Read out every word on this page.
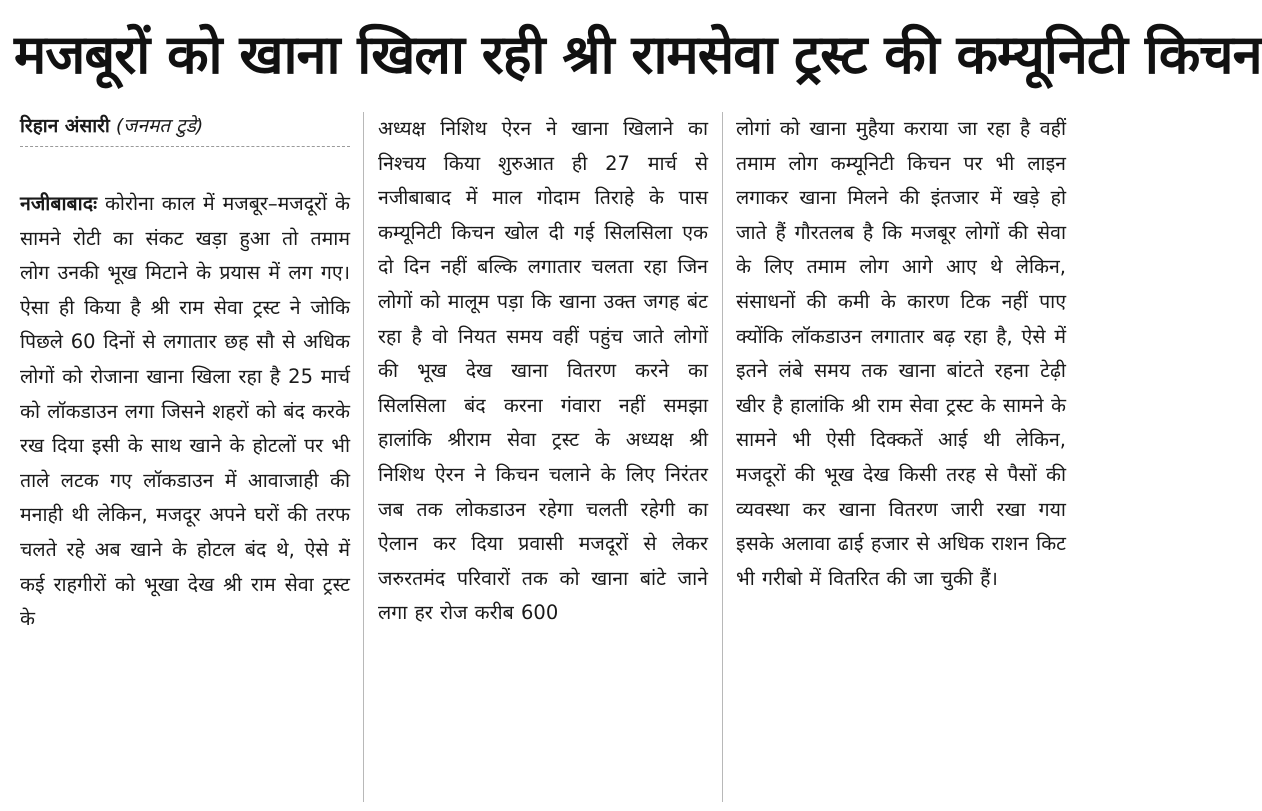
मजबूरों को खाना खिला रही श्री रामसेवा ट्रस्ट की कम्यूनिटी किचन
रिहान अंसारी (जनमत टुडे)
नजीबाबादः कोरोना काल में मजबूर–मजदूरों के सामने रोटी का संकट खड़ा हुआ तो तमाम लोग उनकी भूख मिटाने के प्रयास में लग गए। ऐसा ही किया है श्री राम सेवा ट्रस्ट ने जोकि पिछले 60 दिनों से लगातार छह सौ से अधिक लोगों को रोजाना खाना खिला रहा है 25 मार्च को लॉकडाउन लगा जिसने शहरों को बंद करके रख दिया इसी के साथ खाने के होटलों पर भी ताले लटक गए लॉकडाउन में आवाजाही की मनाही थी लेकिन, मजदूर अपने घरों की तरफ चलते रहे अब खाने के होटल बंद थे, ऐसे में कई राहगीरों को भूखा देख श्री राम सेवा ट्रस्ट के
अध्यक्ष निशिथ ऐरन ने खाना खिलाने का निश्चय किया शुरुआत ही 27 मार्च से नजीबाबाद में माल गोदाम तिराहे के पास कम्यूनिटी किचन खोल दी गई सिलसिला एक दो दिन नहीं बल्कि लगातार चलता रहा जिन लोगों को मालूम पड़ा कि खाना उक्त जगह बंट रहा है वो नियत समय वहीं पहुंच जाते लोगों की भूख देख खाना वितरण करने का सिलसिला बंद करना गंवारा नहीं समझा हालांकि श्रीराम सेवा ट्रस्ट के अध्यक्ष श्री निशिथ ऐरन ने किचन चलाने के लिए निरंतर जब तक लोकडाउन रहेगा चलती रहेगी का ऐलान कर दिया प्रवासी मजदूरों से लेकर जरुरतमंद परिवारों तक को खाना बांटे जाने लगा हर रोज करीब 600
लोगां को खाना मुहैया कराया जा रहा है वहीं तमाम लोग कम्यूनिटी किचन पर भी लाइन लगाकर खाना मिलने की इंतजार में खड़े हो जाते हैं गौरतलब है कि मजबूर लोगों की सेवा के लिए तमाम लोग आगे आए थे लेकिन, संसाधनों की कमी के कारण टिक नहीं पाए क्योंकि लॉकडाउन लगातार बढ़ रहा है, ऐसे में इतने लंबे समय तक खाना बांटते रहना टेढ़ी खीर है हालांकि श्री राम सेवा ट्रस्ट के सामने के सामने भी ऐसी दिक्कतें आई थी लेकिन, मजदूरों की भूख देख किसी तरह से पैसों की व्यवस्था कर खाना वितरण जारी रखा गया इसके अलावा ढाई हजार से अधिक राशन किट भी गरीबो में वितरित की जा चुकी हैं।
